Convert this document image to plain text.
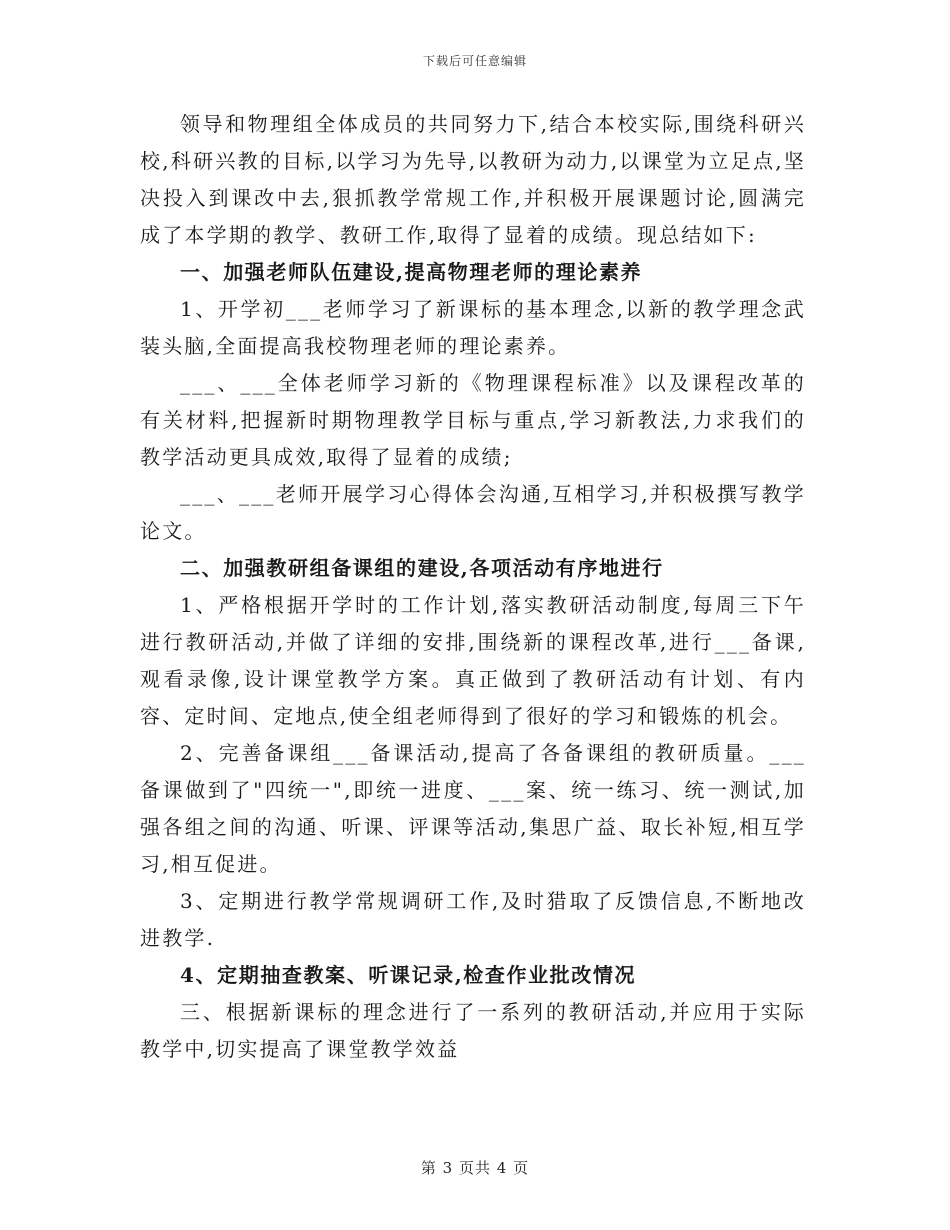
下载后可任意编辑

领导和物理组全体成员的共同努力下,结合本校实际,围绕科研兴校,科研兴教的目标,以学习为先导,以教研为动力,以课堂为立足点,坚决投入到课改中去,狠抓教学常规工作,并积极开展课题讨论,圆满完成了本学期的教学、教研工作,取得了显着的成绩。现总结如下:

一、加强老师队伍建设,提高物理老师的理论素养

1、开学初___老师学习了新课标的基本理念,以新的教学理念武装头脑,全面提高我校物理老师的理论素养。

___、___全体老师学习新的《物理课程标准》以及课程改革的有关材料,把握新时期物理教学目标与重点,学习新教法,力求我们的教学活动更具成效,取得了显着的成绩;

___、___老师开展学习心得体会沟通,互相学习,并积极撰写教学论文。

二、加强教研组备课组的建设,各项活动有序地进行

1、严格根据开学时的工作计划,落实教研活动制度,每周三下午进行教研活动,并做了详细的安排,围绕新的课程改革,进行___备课,观看录像,设计课堂教学方案。真正做到了教研活动有计划、有内容、定时间、定地点,使全组老师得到了很好的学习和锻炼的机会。

2、完善备课组___备课活动,提高了各备课组的教研质量。___备课做到了"四统一",即统一进度、___案、统一练习、统一测试,加强各组之间的沟通、听课、评课等活动,集思广益、取长补短,相互学习,相互促进。

3、定期进行教学常规调研工作,及时猎取了反馈信息,不断地改进教学.

4、定期抽查教案、听课记录,检查作业批改情况

三、根据新课标的理念进行了一系列的教研活动,并应用于实际教学中,切实提高了课堂教学效益

第 3 页共 4 页
